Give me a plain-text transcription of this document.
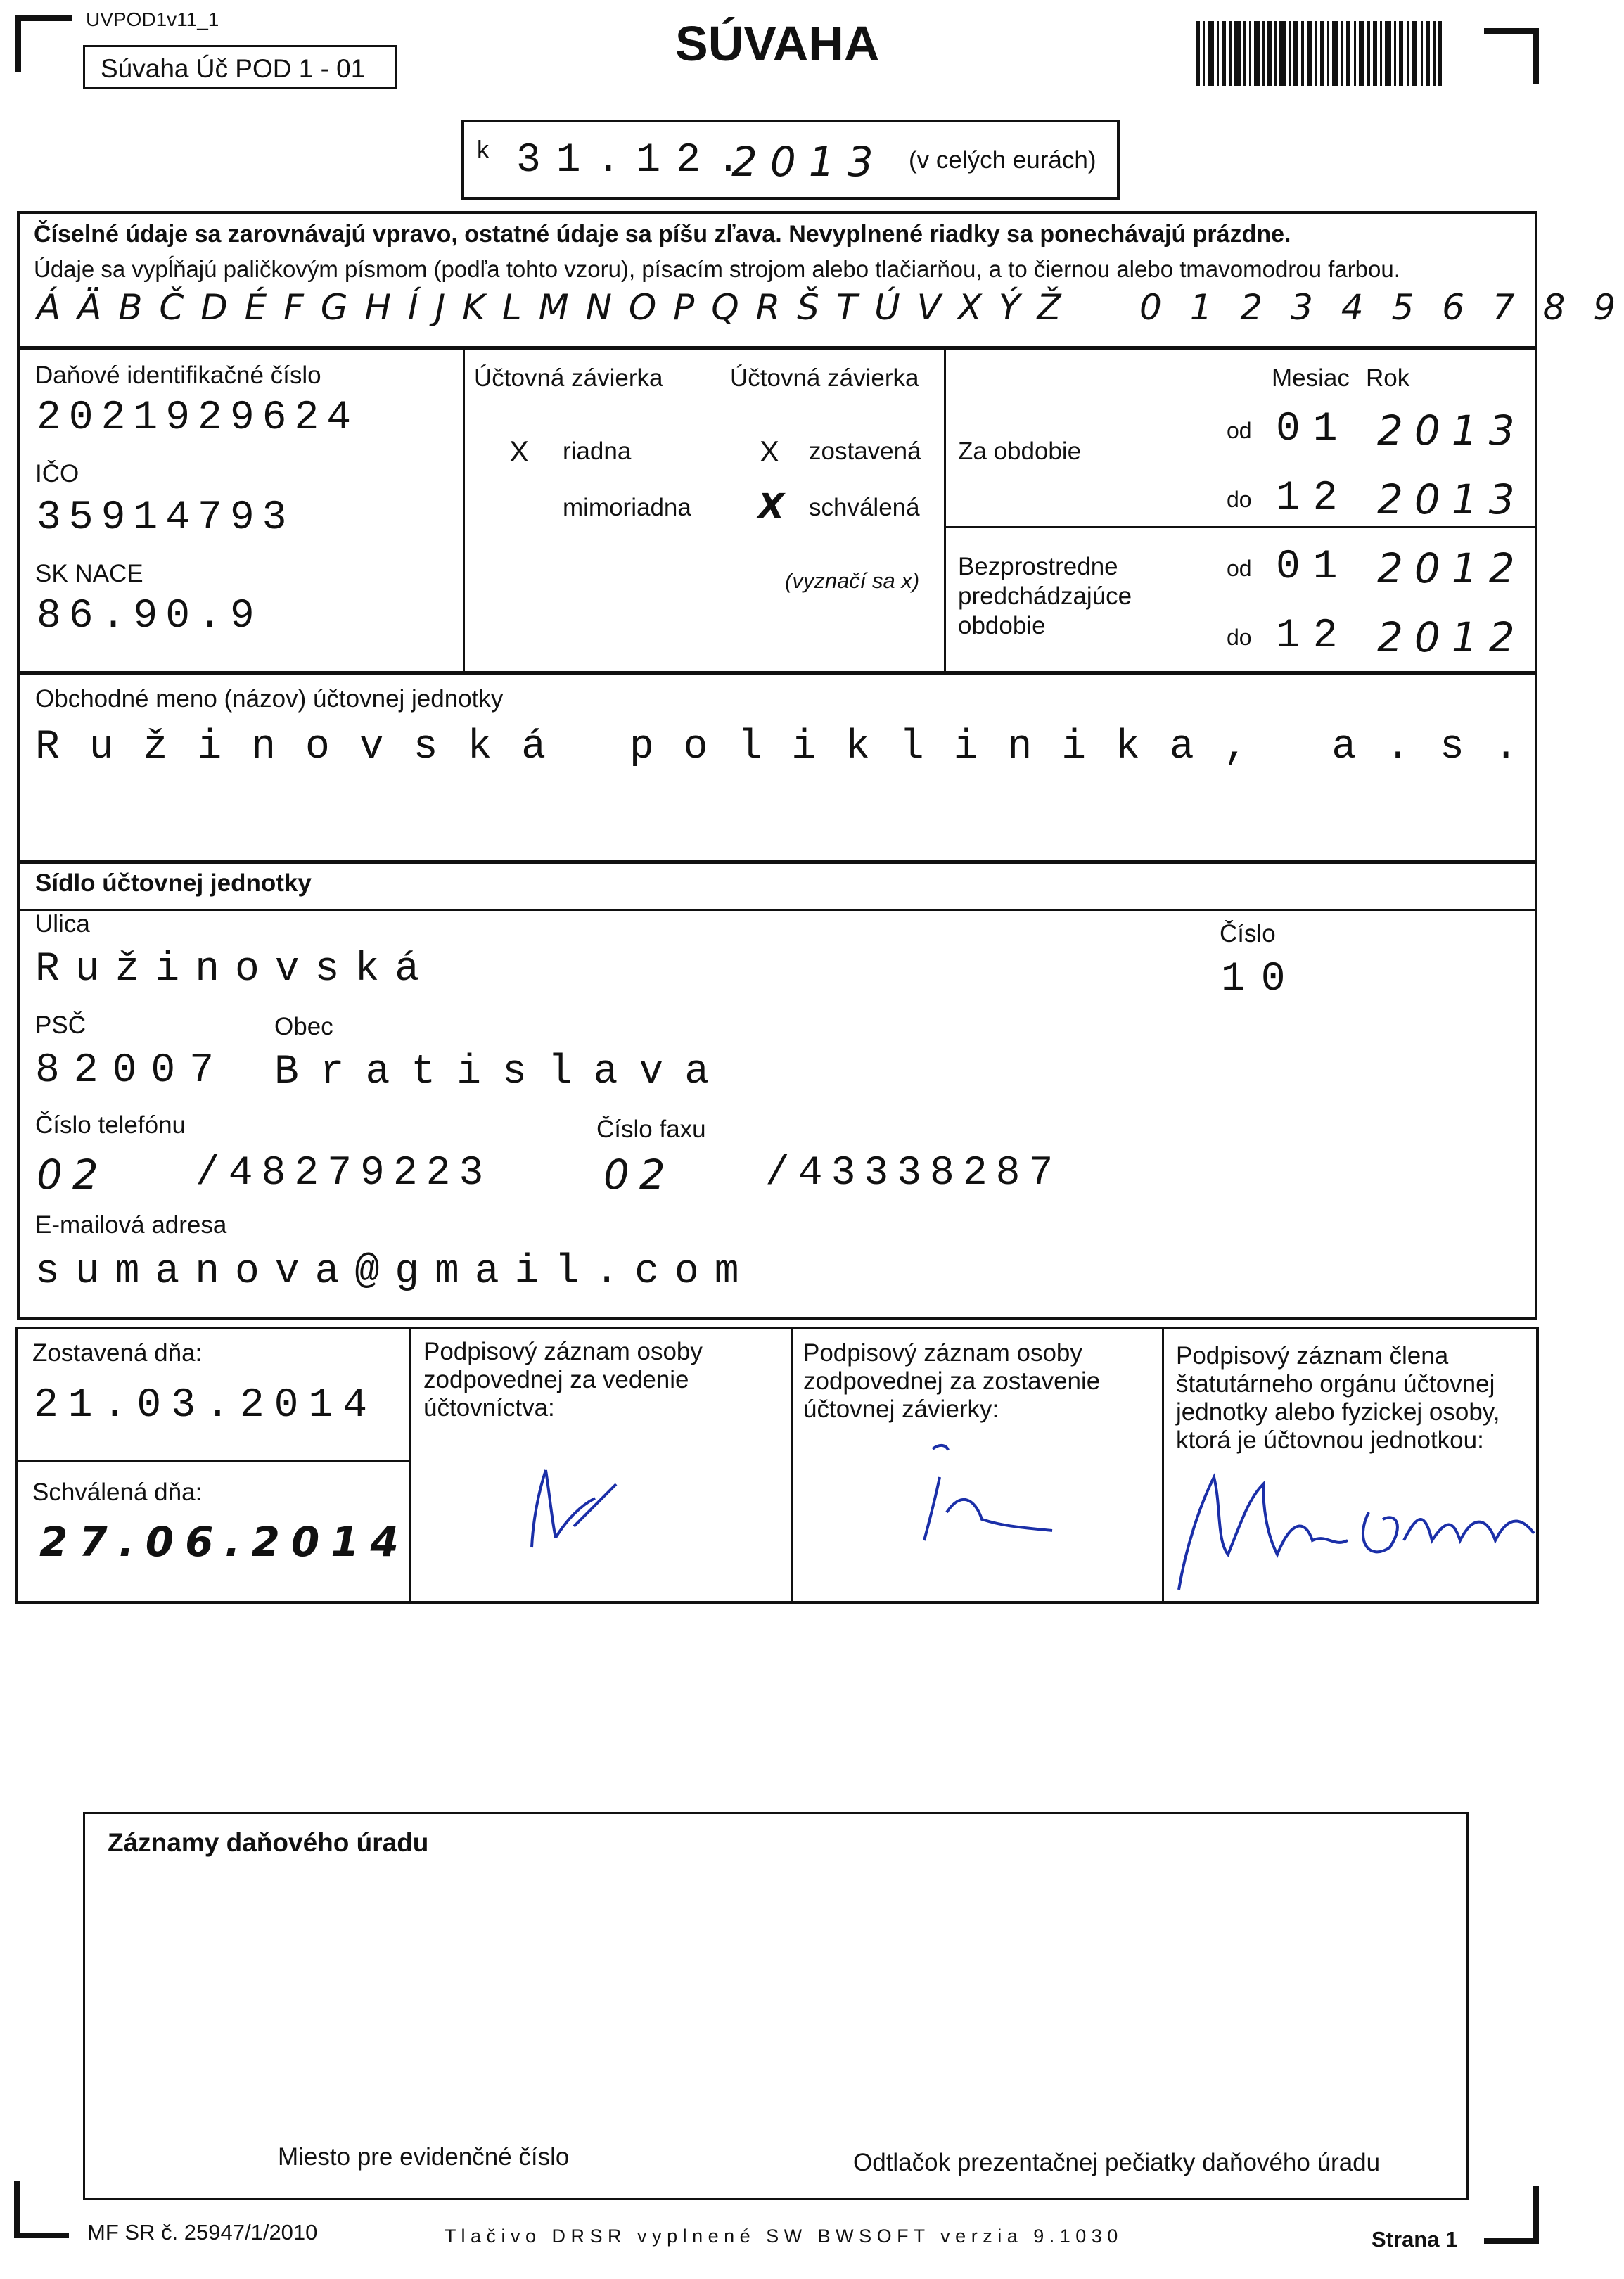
UVPOD1v11_1
Súvaha Úč POD 1 - 01	SÚVAHA
k 31.12.
2013 (v celých eurách)
Číselné údaje sa zarovnávajú vpravo, ostatné údaje sa píšu zľava. Nevyplnené riadky sa ponechávajú prázdne.
Údaje sa vypĺňajú paličkovým písmom (podľa tohto vzoru), písacím strojom alebo tlačiarňou, a to čiernou alebo tmavomodrou farbou.
Á Ä B Č D É F G H Í J K L M N O P Q R Š T Ú V X Ý Ž 0 1 2 3 4 5 6 7 8 9
Daňové identifikačné číslo
2021929624
IČO
35914793
SK NACE
86.90.9
Účtovná závierka	Účtovná závierka
X riadna
mimoriadna
X zostavená
X schválená
(vyznačí sa x)
Mesiac Rok
Za obdobie
od 01 2013
do 12 2013
Bezprostredne
predchádzajúce
obdobie
od 01 2012
do 12 2012
Obchodné meno (názov) účtovnej jednotky
Ružinovská poliklinika, a.s.
Sídlo účtovnej jednotky
Ulica
Ružinovská
Číslo
10
PSČ
82007
Obec
Bratislava
Číslo telefónu
02 /48279223
Číslo faxu
02 /43338287
E-mailová adresa
sumanova@gmail.com
Zostavená dňa:
21.03.2014
Schválená dňa:
27.06.2014
Podpisový záznam osoby zodpovednej za vedenie účtovníctva:
Podpisový záznam osoby zodpovednej za zostavenie účtovnej závierky:
Podpisový záznam člena štatutárneho orgánu účtovnej jednotky alebo fyzickej osoby, ktorá je účtovnou jednotkou:
Záznamy daňového úradu
Miesto pre evidenčné číslo	Odtlačok prezentačnej pečiatky daňového úradu
MF SR č. 25947/1/2010	T l a č i v o   D R S R   v y p l n e n é   S W   B W S O F T   v e r z i a   9 . 1 0 3 0	Strana 1
